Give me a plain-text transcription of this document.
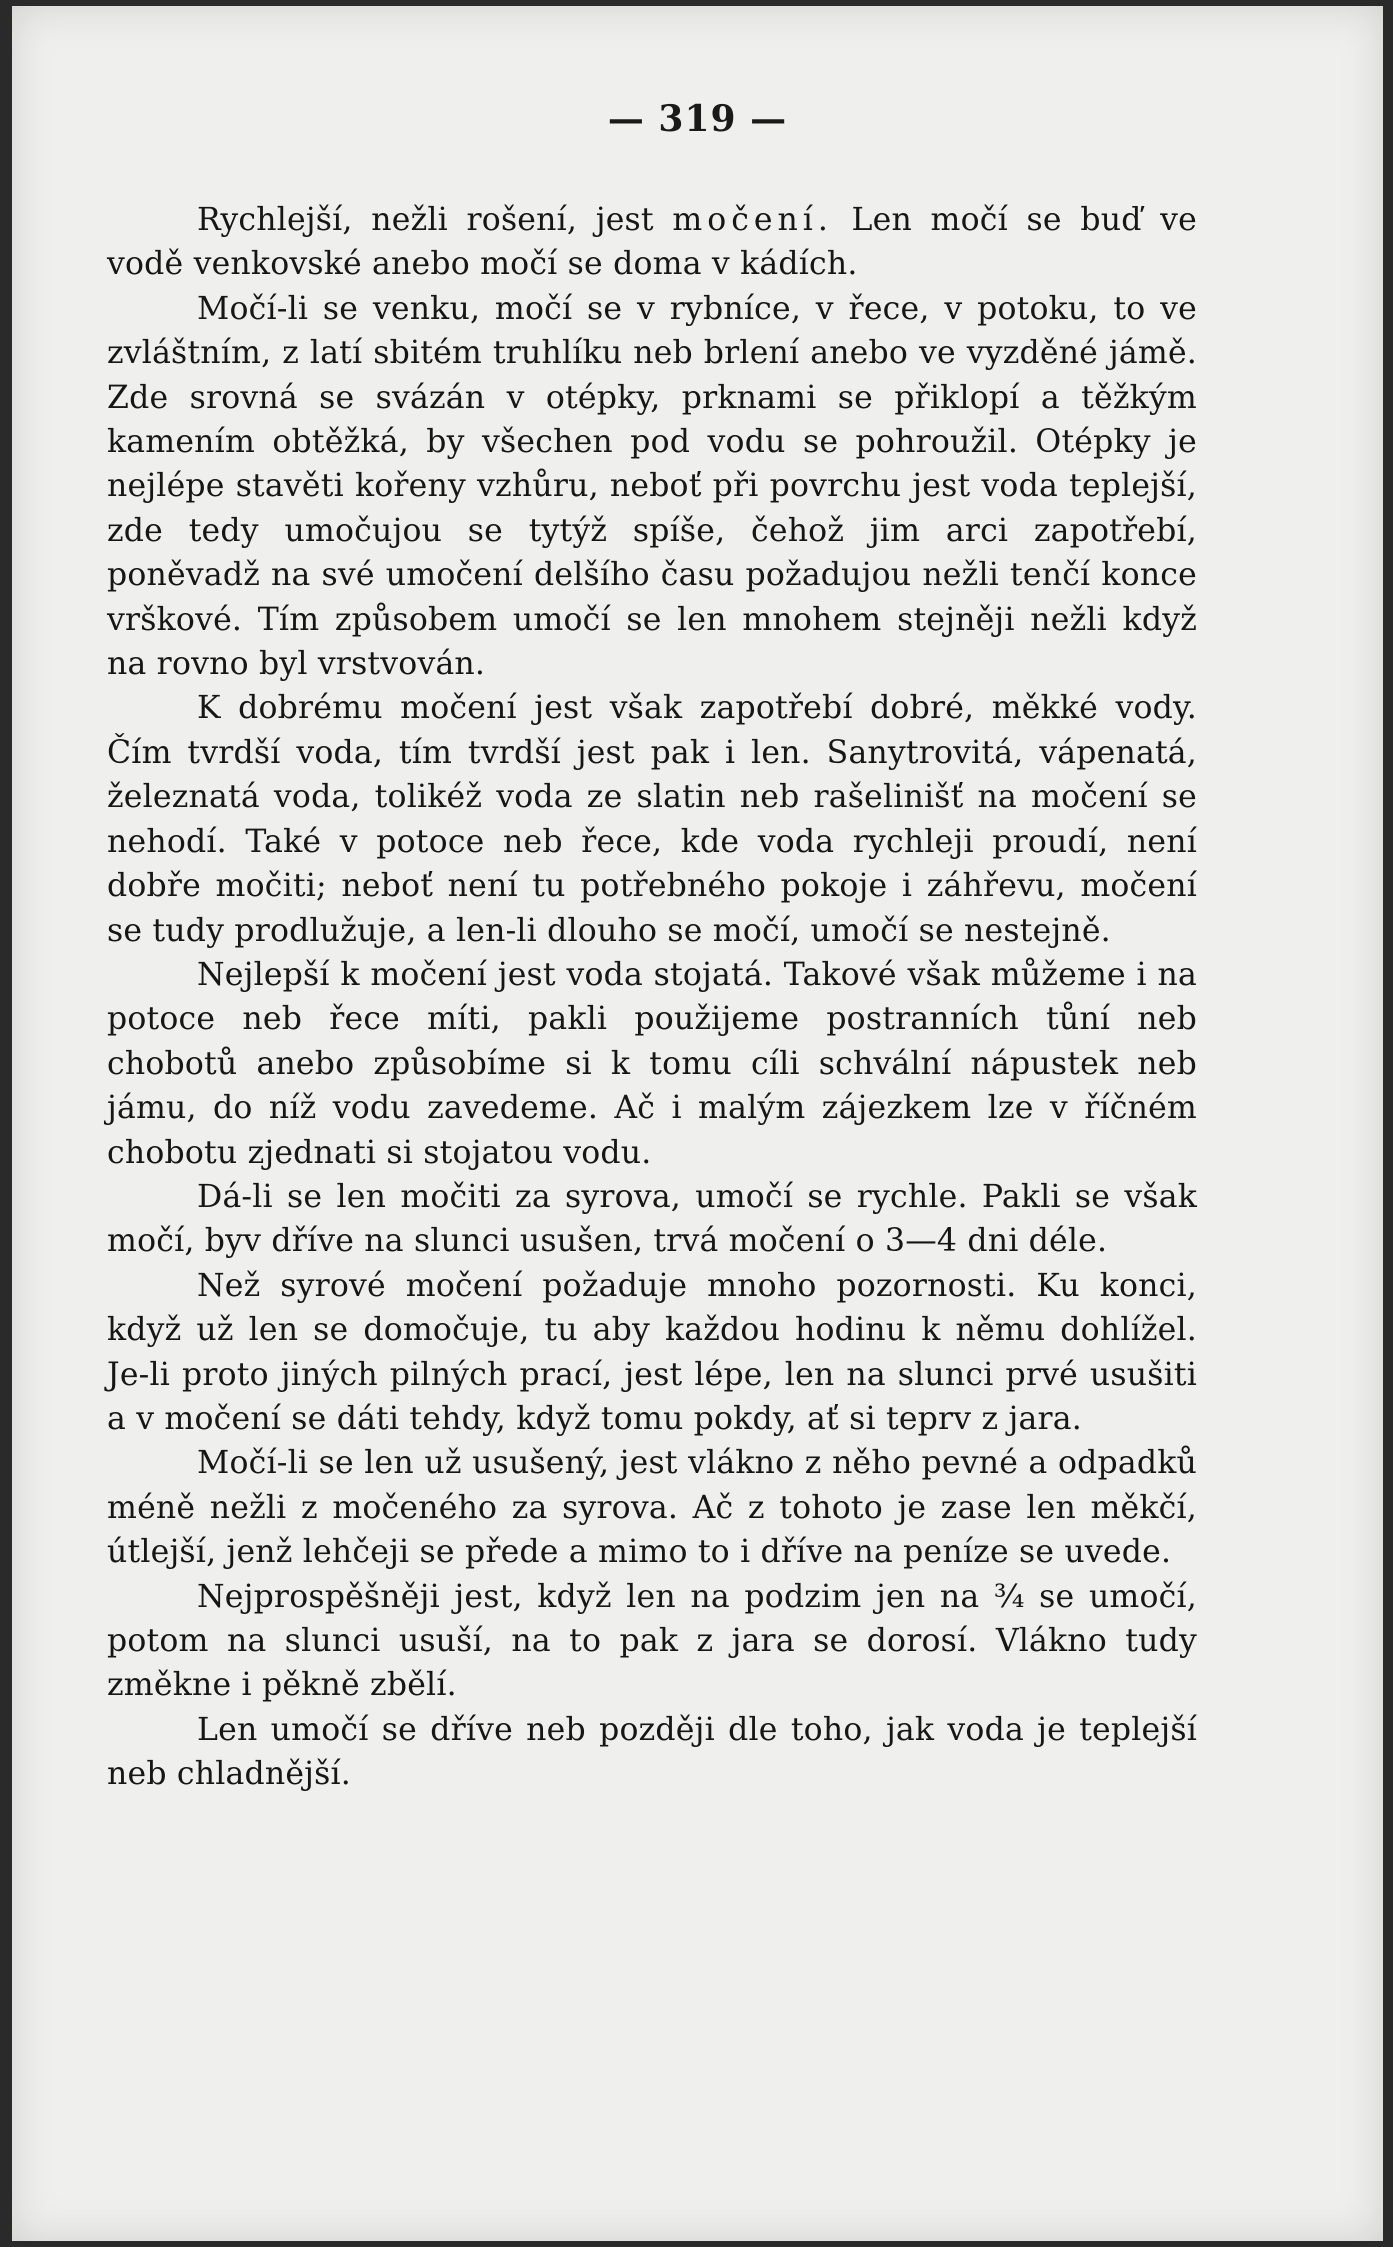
— 319 —

Rychlejší, nežli rošení, jest močení. Len močí se buď ve vodě venkovské anebo močí se doma v kádích.

Močí-li se venku, močí se v rybníce, v řece, v potoku, to ve zvláštním, z latí sbitém truhlíku neb brlení anebo ve vyzděné jámě. Zde srovná se svázán v otépky, prknami se přiklopí a těžkým kamením obtěžká, by všechen pod vodu se pohroužil. Otépky je nejlépe stavěti kořeny vzhůru, neboť při povrchu jest voda teplejší, zde tedy umočujou se tytýž spíše, čehož jim arci zapotřebí, poněvadž na své umočení delšího času požadujou nežli tenčí konce vrškové. Tím způsobem umočí se len mnohem stejněji nežli když na rovno byl vrstvován.

K dobrému močení jest však zapotřebí dobré, měkké vody. Čím tvrdší voda, tím tvrdší jest pak i len. Sanytrovitá, vápenatá, železnatá voda, tolikéž voda ze slatin neb rašelinišť na močení se nehodí. Také v potoce neb řece, kde voda rychleji proudí, není dobře močiti; neboť není tu potřebného pokoje i záhřevu, močení se tudy prodlužuje, a len-li dlouho se močí, umočí se nestejně.

Nejlepší k močení jest voda stojatá. Takové však můžeme i na potoce neb řece míti, pakli použijeme postranních tůní neb chobotů anebo způsobíme si k tomu cíli schvální nápustek neb jámu, do níž vodu zavedeme. Ač i malým zájezkem lze v říčném chobotu zjednati si stojatou vodu.

Dá-li se len močiti za syrova, umočí se rychle. Pakli se však močí, byv dříve na slunci usušen, trvá močení o 3—4 dni déle.

Než syrové močení požaduje mnoho pozornosti. Ku konci, když už len se domočuje, tu aby každou hodinu k němu dohlížel. Je-li proto jiných pilných prací, jest lépe, len na slunci prvé usušiti a v močení se dáti tehdy, když tomu pokdy, ať si teprv z jara.

Močí-li se len už usušený, jest vlákno z něho pevné a odpadků méně nežli z močeného za syrova. Ač z tohoto je zase len měkčí, útlejší, jenž lehčeji se přede a mimo to i dříve na peníze se uvede.

Nejprospěšněji jest, když len na podzim jen na ¾ se umočí, potom na slunci usuší, na to pak z jara se dorosí. Vlákno tudy změkne i pěkně zbělí.

Len umočí se dříve neb později dle toho, jak voda je teplejší neb chladnější.
